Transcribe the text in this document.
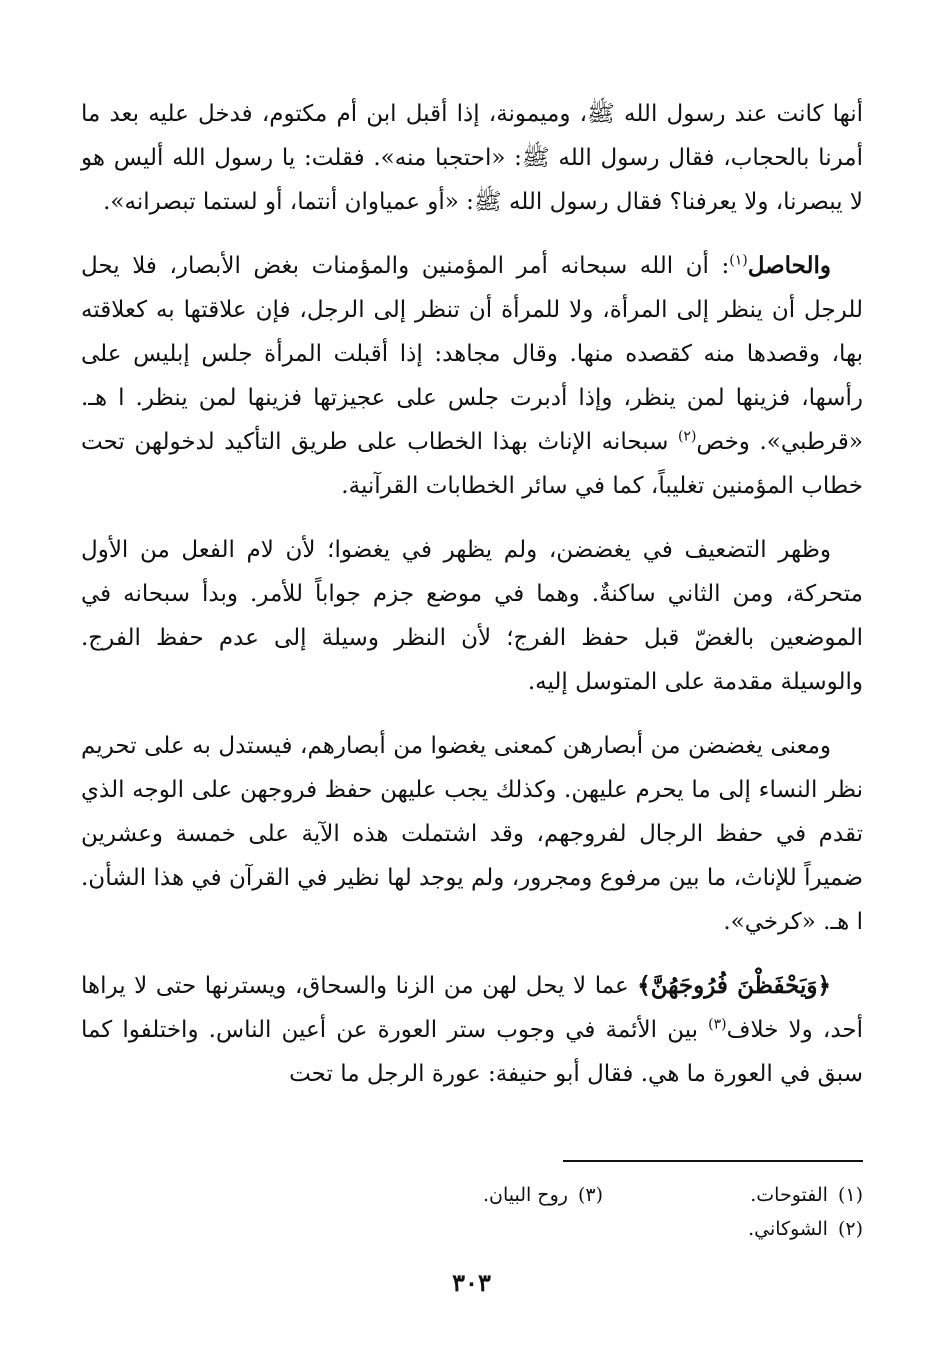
أنها كانت عند رسول الله ﷺ، وميمونة، إذا أقبل ابن أم مكتوم، فدخل عليه بعد ما أمرنا بالحجاب، فقال رسول الله ﷺ: «احتجبا منه». فقلت: يا رسول الله أليس هو لا يبصرنا، ولا يعرفنا؟ فقال رسول الله ﷺ: «أو عمياوان أنتما، أو لستما تبصرانه».

والحاصل$^{(١)}$: أن الله سبحانه أمر المؤمنين والمؤمنات بغض الأبصار، فلا يحل للرجل أن ينظر إلى المرأة، ولا للمرأة أن تنظر إلى الرجل، فإن علاقتها به كعلاقته بها، وقصدها منه كقصده منها. وقال مجاهد: إذا أقبلت المرأة جلس إبليس على رأسها، فزينها لمن ينظر، وإذا أدبرت جلس على عجيزتها فزينها لمن ينظر. ا هـ. «قرطبي». وخص$^{(٢)}$ سبحانه الإناث بهذا الخطاب على طريق التأكيد لدخولهن تحت خطاب المؤمنين تغليباً، كما في سائر الخطابات القرآنية.

وظهر التضعيف في يغضضن، ولم يظهر في يغضوا؛ لأن لام الفعل من الأول متحركة، ومن الثاني ساكنةٌ. وهما في موضع جزم جواباً للأمر. وبدأ سبحانه في الموضعين بالغضّ قبل حفظ الفرج؛ لأن النظر وسيلة إلى عدم حفظ الفرج. والوسيلة مقدمة على المتوسل إليه.

ومعنى يغضضن من أبصارهن كمعنى يغضوا من أبصارهم، فيستدل به على تحريم نظر النساء إلى ما يحرم عليهن. وكذلك يجب عليهن حفظ فروجهن على الوجه الذي تقدم في حفظ الرجال لفروجهم، وقد اشتملت هذه الآية على خمسة وعشرين ضميراً للإناث، ما بين مرفوع ومجرور، ولم يوجد لها نظير في القرآن في هذا الشأن. ا هـ. «كرخي».

﴿وَيَحْفَظْنَ فُرُوجَهُنَّ﴾ عما لا يحل لهن من الزنا والسحاق، ويسترنها حتى لا يراها أحد، ولا خلاف$^{(٣)}$ بين الأئمة في وجوب ستر العورة عن أعين الناس. واختلفوا كما سبق في العورة ما هي. فقال أبو حنيفة: عورة الرجل ما تحت

(١)الفتوحات.
(٣)روح البيان.
(٢)الشوكاني.
٣٠٣
